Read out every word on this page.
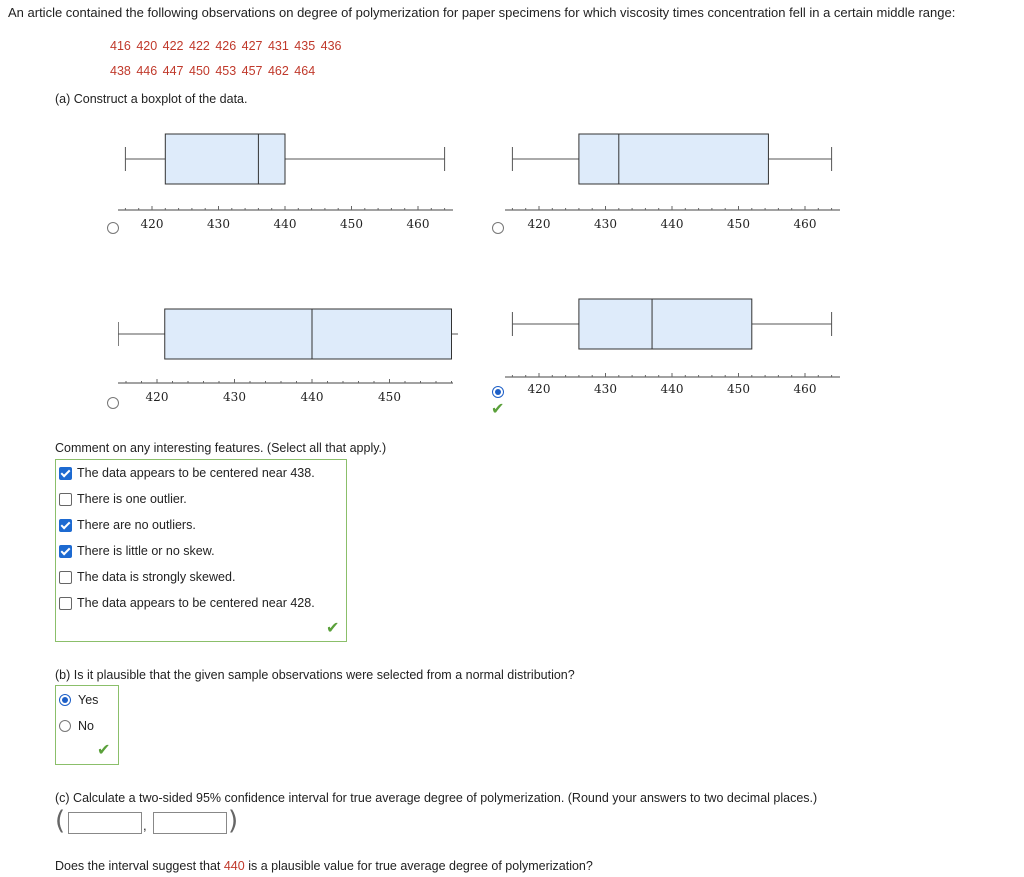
An article contained the following observations on degree of polymerization for paper specimens for which viscosity times concentration fell in a certain middle range:
416 420 422 422 426 427 431 435 436
438 446 447 450 453 457 462 464
(a) Construct a boxplot of the data.
420	430	440	450	460	420	430	440	450	460
420	430	440	450
✔
420	430	440	450	460
Comment on any interesting features. (Select all that apply.)
The data appears to be centered near 438.
There is one outlier.
There are no outliers.
There is little or no skew.
The data is strongly skewed.
The data appears to be centered near 428.
✔
(b) Is it plausible that the given sample observations were selected from a normal distribution?
Yes
No
✔
(c) Calculate a two-sided 95% confidence interval for true average degree of polymerization. (Round your answers to two decimal places.)
(	,	)
Does the interval suggest that 440 is a plausible value for true average degree of polymerization?
